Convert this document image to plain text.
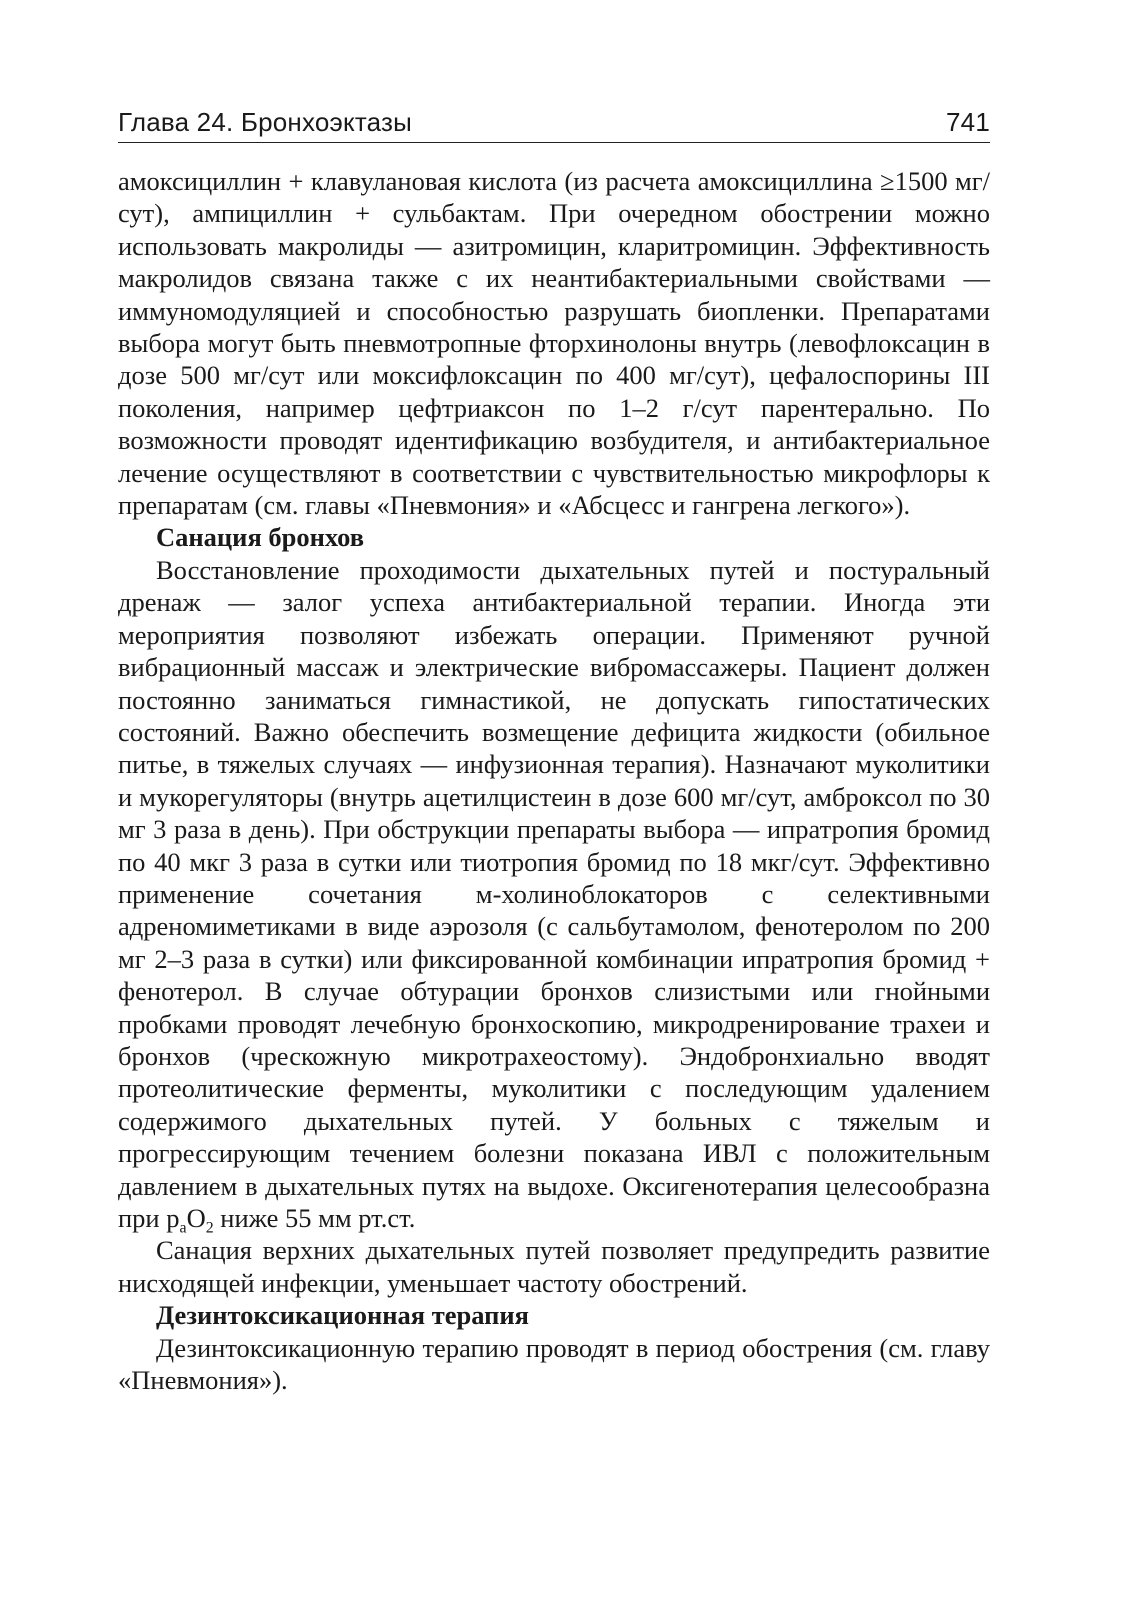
Глава 24. Бронхоэктазы	741

амоксициллин + клавулановая кислота (из расчета амоксициллина ≥1500 мг/сут), ампициллин + сульбактам. При очередном обострении можно использовать макролиды — азитромицин, кларитромицин. Эффективность макролидов связана также с их неантибактериальными свойствами — иммуномодуляцией и способностью разрушать биопленки. Препаратами выбора могут быть пневмотропные фторхинолоны внутрь (левофлоксацин в дозе 500 мг/сут или моксифлоксацин по 400 мг/сут), цефалоспорины III поколения, например цефтриаксон по 1–2 г/сут парентерально. По возможности проводят идентификацию возбудителя, и антибактериальное лечение осуществляют в соответствии с чувствительностью микрофлоры к препаратам (см. главы «Пневмония» и «Абсцесс и гангрена легкого»).

Санация бронхов

Восстановление проходимости дыхательных путей и постуральный дренаж — залог успеха антибактериальной терапии. Иногда эти мероприятия позволяют избежать операции. Применяют ручной вибрационный массаж и электрические вибромассажеры. Пациент должен постоянно заниматься гимнастикой, не допускать гипостатических состояний. Важно обеспечить возмещение дефицита жидкости (обильное питье, в тяжелых случаях — инфузионная терапия). Назначают муколитики и мукорегуляторы (внутрь ацетилцистеин в дозе 600 мг/сут, амброксол по 30 мг 3 раза в день). При обструкции препараты выбора — ипратропия бромид по 40 мкг 3 раза в сутки или тиотропия бромид по 18 мкг/сут. Эффективно применение сочетания м-холиноблокаторов с селективными адреномиметиками в виде аэрозоля (с сальбутамолом, фенотеролом по 200 мг 2–3 раза в сутки) или фиксированной комбинации ипратропия бромид + фенотерол. В случае обтурации бронхов слизистыми или гнойными пробками проводят лечебную бронхоскопию, микродренирование трахеи и бронхов (чрескожную микротрахеостому). Эндобронхиально вводят протеолитические ферменты, муколитики с последующим удалением содержимого дыхательных путей. У больных с тяжелым и прогрессирующим течением болезни показана ИВЛ с положительным давлением в дыхательных путях на выдохе. Оксигенотерапия целесообразна при $p_aO_2$ ниже 55 мм рт.ст.

Санация верхних дыхательных путей позволяет предупредить развитие нисходящей инфекции, уменьшает частоту обострений.

Дезинтоксикационная терапия

Дезинтоксикационную терапию проводят в период обострения (см. главу «Пневмония»).
